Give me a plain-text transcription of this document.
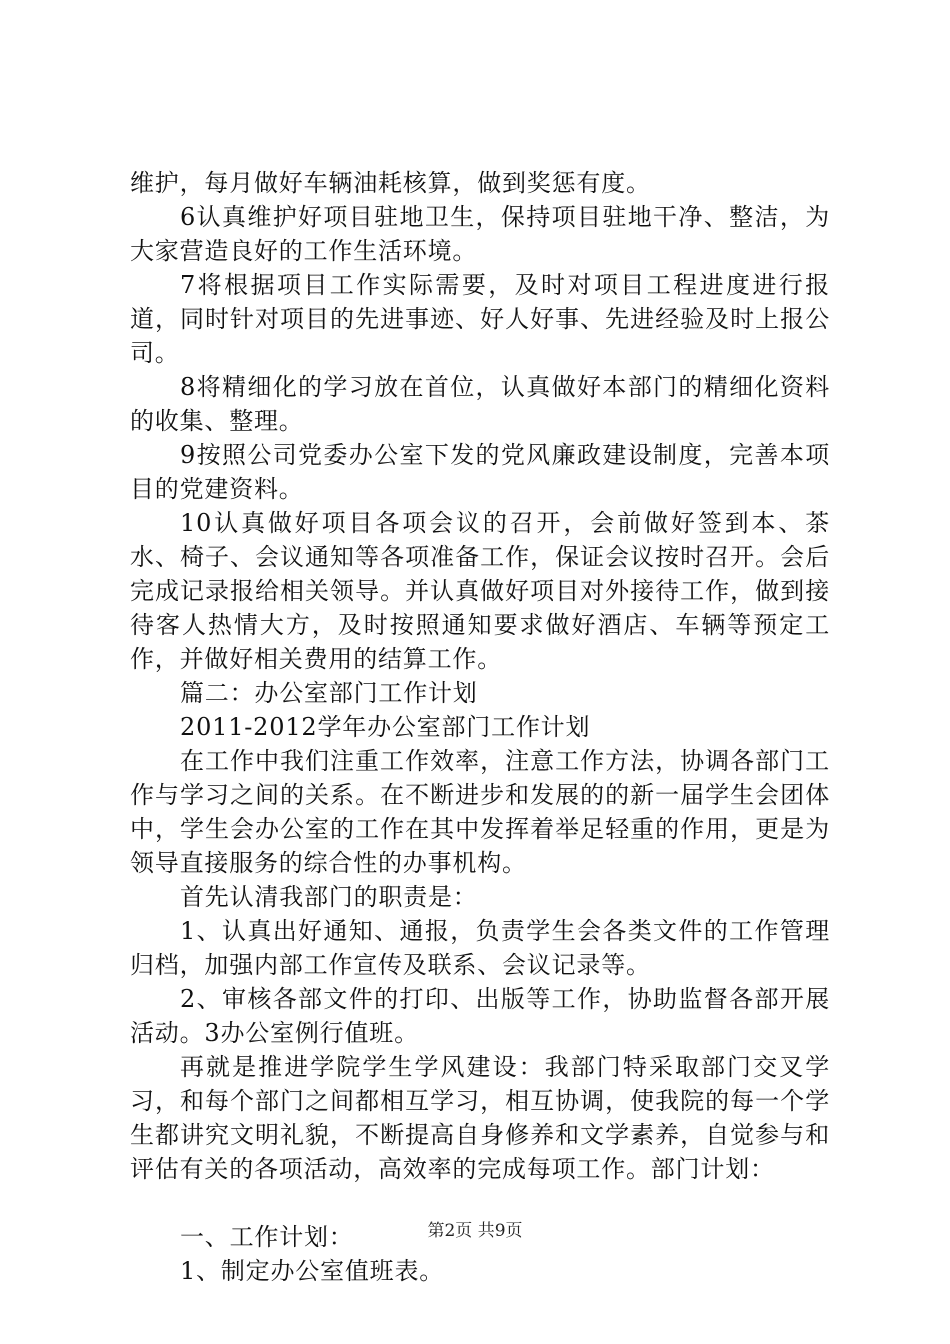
维护，每月做好车辆油耗核算，做到奖惩有度。

6认真维护好项目驻地卫生，保持项目驻地干净、整洁，为大家营造良好的工作生活环境。

7将根据项目工作实际需要，及时对项目工程进度进行报道，同时针对项目的先进事迹、好人好事、先进经验及时上报公司。

8将精细化的学习放在首位，认真做好本部门的精细化资料的收集、整理。

9按照公司党委办公室下发的党风廉政建设制度，完善本项目的党建资料。

10认真做好项目各项会议的召开，会前做好签到本、茶水、椅子、会议通知等各项准备工作，保证会议按时召开。会后完成记录报给相关领导。并认真做好项目对外接待工作，做到接待客人热情大方，及时按照通知要求做好酒店、车辆等预定工作，并做好相关费用的结算工作。

篇二：办公室部门工作计划

2011-2012学年办公室部门工作计划

在工作中我们注重工作效率，注意工作方法，协调各部门工作与学习之间的关系。在不断进步和发展的的新一届学生会团体中，学生会办公室的工作在其中发挥着举足轻重的作用，更是为领导直接服务的综合性的办事机构。

首先认清我部门的职责是：

1、认真出好通知、通报，负责学生会各类文件的工作管理归档，加强内部工作宣传及联系、会议记录等。

2、审核各部文件的打印、出版等工作，协助监督各部开展活动。3办公室例行值班。

再就是推进学院学生学风建设：我部门特采取部门交叉学习，和每个部门之间都相互学习，相互协调，使我院的每一个学生都讲究文明礼貌，不断提高自身修养和文学素养，自觉参与和评估有关的各项活动，高效率的完成每项工作。部门计划：

一、工作计划：

1、制定办公室值班表。

第2页 共9页
